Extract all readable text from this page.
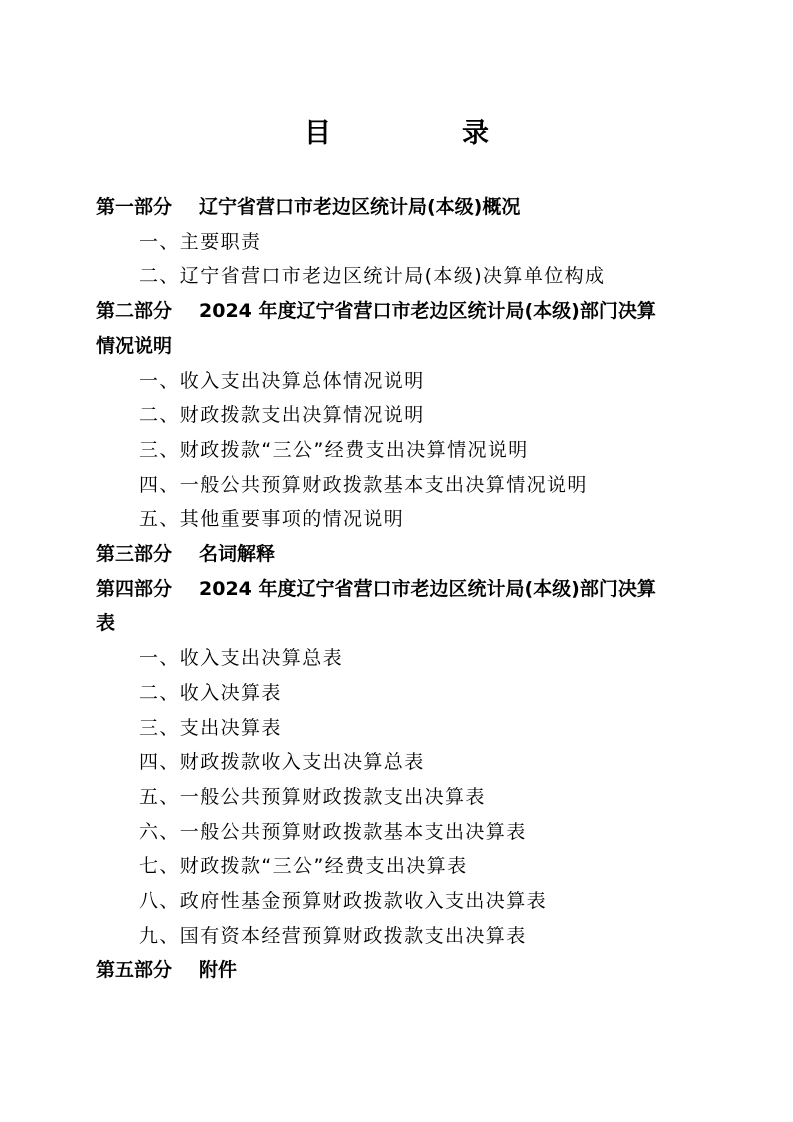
目　录
第一部分 辽宁省营口市老边区统计局(本级)概况
一、主要职责
二、辽宁省营口市老边区统计局(本级)决算单位构成
第二部分 2024 年度辽宁省营口市老边区统计局(本级)部门决算
情况说明
一、收入支出决算总体情况说明
二、财政拨款支出决算情况说明
三、财政拨款“三公”经费支出决算情况说明
四、一般公共预算财政拨款基本支出决算情况说明
五、其他重要事项的情况说明
第三部分 名词解释
第四部分 2024 年度辽宁省营口市老边区统计局(本级)部门决算
表
一、收入支出决算总表
二、收入决算表
三、支出决算表
四、财政拨款收入支出决算总表
五、一般公共预算财政拨款支出决算表
六、一般公共预算财政拨款基本支出决算表
七、财政拨款“三公”经费支出决算表
八、政府性基金预算财政拨款收入支出决算表
九、国有资本经营预算财政拨款支出决算表
第五部分 附件
